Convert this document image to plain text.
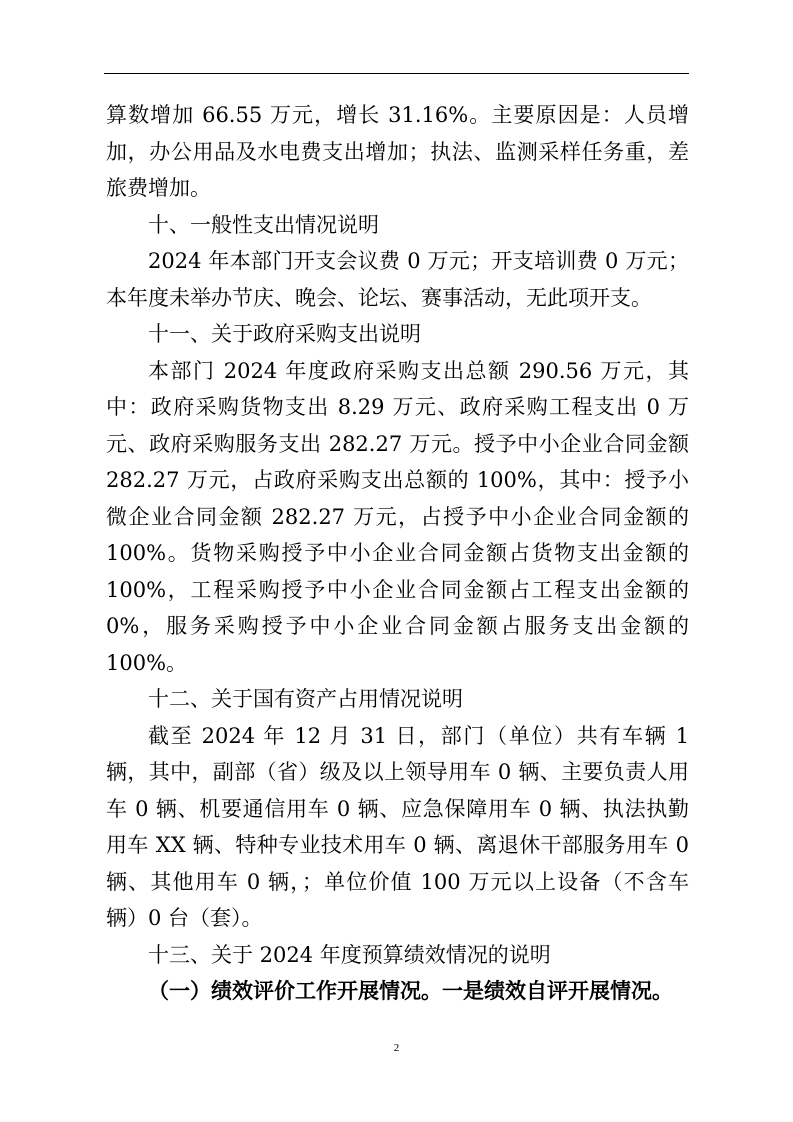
算数增加 66.55 万元，增长 31.16%。主要原因是：人员增加，办公用品及水电费支出增加；执法、监测采样任务重，差旅费增加。

十、一般性支出情况说明

2024 年本部门开支会议费 0 万元；开支培训费 0 万元；本年度未举办节庆、晚会、论坛、赛事活动，无此项开支。

十一、关于政府采购支出说明

本部门 2024 年度政府采购支出总额 290.56 万元，其中：政府采购货物支出 8.29 万元、政府采购工程支出 0 万元、政府采购服务支出 282.27 万元。授予中小企业合同金额 282.27 万元，占政府采购支出总额的 100%，其中：授予小微企业合同金额 282.27 万元，占授予中小企业合同金额的 100%。货物采购授予中小企业合同金额占货物支出金额的 100%，工程采购授予中小企业合同金额占工程支出金额的 0%，服务采购授予中小企业合同金额占服务支出金额的 100%。

十二、关于国有资产占用情况说明

截至 2024 年 12 月 31 日，部门（单位）共有车辆 1 辆，其中，副部（省）级及以上领导用车 0 辆、主要负责人用车 0 辆、机要通信用车 0 辆、应急保障用车 0 辆、执法执勤用车 XX 辆、特种专业技术用车 0 辆、离退休干部服务用车 0 辆、其他用车 0 辆，；单位价值 100 万元以上设备（不含车辆）0 台（套）。

十三、关于 2024 年度预算绩效情况的说明

（一）绩效评价工作开展情况。一是绩效自评开展情况。

2
